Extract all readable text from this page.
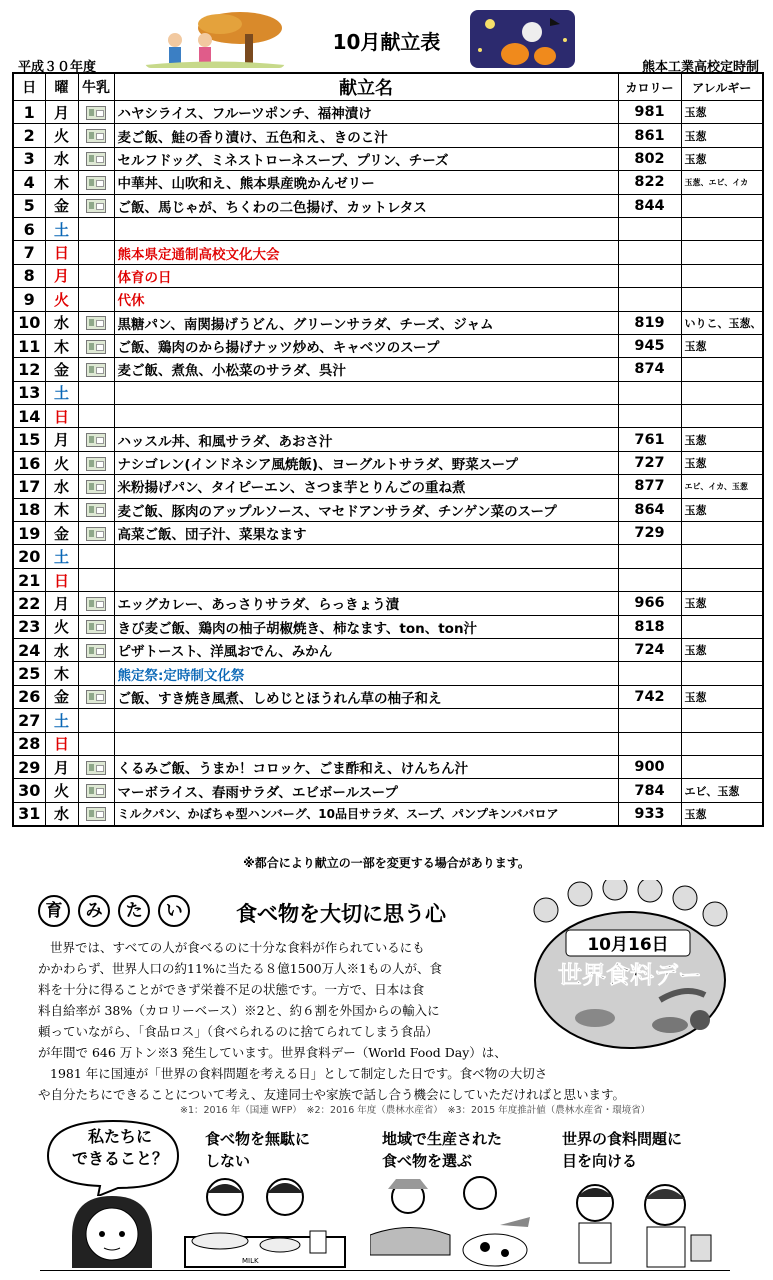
10月献立表
平成３０年度	熊本工業高校定時制
日	曜	牛乳	献立名	カロリー	アレルギー
1	月		ハヤシライス、フルーツポンチ、福神漬け	981	玉葱
2	火		麦ご飯、鮭の香り漬け、五色和え、きのこ汁	861	玉葱
3	水		セルフドッグ、ミネストローネスープ、プリン、チーズ	802	玉葱
4	木		中華丼、山吹和え、熊本県産晩かんゼリー	822	玉葱、エビ、イカ
5	金		ご飯、馬じゃが、ちくわの二色揚げ、カットレタス	844	
6	土				
7	日		熊本県定通制高校文化大会		
8	月		体育の日		
9	火		代休		
10	水		黒糖パン、南関揚げうどん、グリーンサラダ、チーズ、ジャム	819	いりこ、玉葱、
11	木		ご飯、鶏肉のから揚げナッツ炒め、キャベツのスープ	945	玉葱
12	金		麦ご飯、煮魚、小松菜のサラダ、呉汁	874	
13	土				
14	日				
15	月		ハッスル丼、和風サラダ、あおさ汁	761	玉葱
16	火		ナシゴレン(インドネシア風焼飯)、ヨーグルトサラダ、野菜スープ	727	玉葱
17	水		米粉揚げパン、タイピーエン、さつま芋とりんごの重ね煮	877	エビ、イカ、玉葱
18	木		麦ご飯、豚肉のアップルソース、マセドアンサラダ、チンゲン菜のスープ	864	玉葱
19	金		高菜ご飯、団子汁、菜果なます	729	
20	土				
21	日				
22	月		エッグカレー、あっさりサラダ、らっきょう漬	966	玉葱
23	火		きび麦ご飯、鶏肉の柚子胡椒焼き、柿なます、ton、ton汁	818	
24	水		ピザトースト、洋風おでん、みかん	724	玉葱
25	木		熊定祭:定時制文化祭		
26	金		ご飯、すき焼き風煮、しめじとほうれん草の柚子和え	742	玉葱
27	土				
28	日				
29	月		くるみご飯、うまか！コロッケ、ごま酢和え、けんちん汁	900	
30	火		マーボライス、春雨サラダ、エビボールスープ	784	エビ、玉葱
31	水		ミルクパン、かぼちゃ型ハンバーグ、10品目サラダ、スープ、パンプキンババロア	933	玉葱
※都合により献立の一部を変更する場合があります。
育 み た い	食べ物を大切に思う心
世界では、すべての人が食べるのに十分な食料が作られているにも
かかわらず、世界人口の約11%に当たる８億1500万人※1もの人が、食
料を十分に得ることができず栄養不足の状態です。一方で、日本は食
料自給率が 38%（カロリーベース）※2と、約６割を外国からの輸入に
頼っていながら、「食品ロス」（食べられるのに捨てられてしまう食品）
が年間で 646 万トン※3 発生しています。世界食料デー（World Food Day）は、
1981 年に国連が「世界の食料問題を考える日」として制定した日です。食べ物の大切さ
や自分たちにできることについて考え、友達同士や家族で話し合う機会にしていただければと思います。
10月16日
世界食料デー
※1：2016 年（国連 WFP）　※2：2016 年度（農林水産省）　※3：2015 年度推計値（農林水産省・環境省）
私たちに
できること？
食べ物を無駄に
しない
MILK
地域で生産された
食べ物を選ぶ
世界の食料問題に
目を向ける
